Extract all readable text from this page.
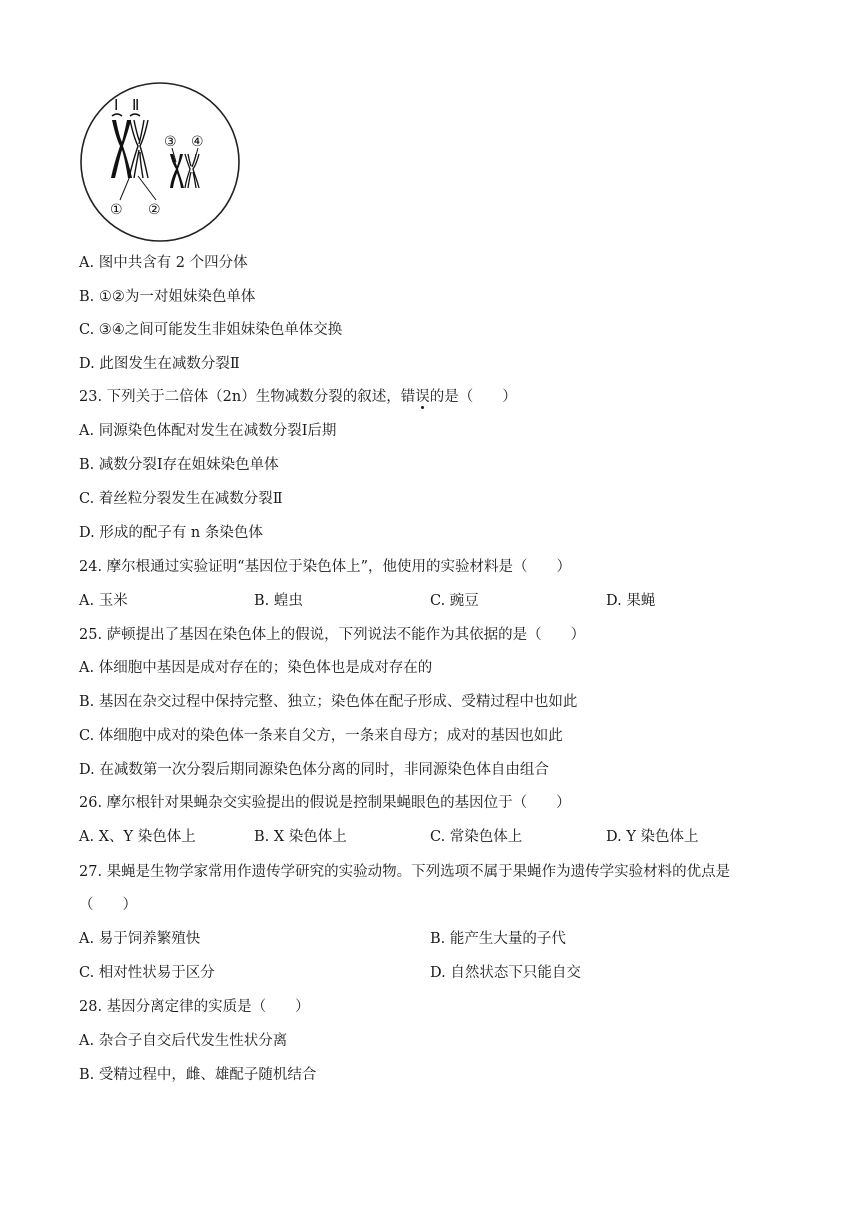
Ⅰ Ⅱ
③ ④
① ②
A. 图中共含有 2 个四分体
B. ①②为一对姐妹染色单体
C. ③④之间可能发生非姐妹染色单体交换
D. 此图发生在减数分裂Ⅱ
23. 下列关于二倍体（2n）生物减数分裂的叙述，错误的是（　　）
A. 同源染色体配对发生在减数分裂Ⅰ后期
B. 减数分裂Ⅰ存在姐妹染色单体
C. 着丝粒分裂发生在减数分裂Ⅱ
D. 形成的配子有 n 条染色体
24. 摩尔根通过实验证明“基因位于染色体上”，他使用的实验材料是（　　）
A. 玉米	B. 蝗虫	C. 豌豆	D. 果蝇
25. 萨顿提出了基因在染色体上的假说，下列说法不能作为其依据的是（　　）
A. 体细胞中基因是成对存在的；染色体也是成对存在的
B. 基因在杂交过程中保持完整、独立；染色体在配子形成、受精过程中也如此
C. 体细胞中成对的染色体一条来自父方，一条来自母方；成对的基因也如此
D. 在减数第一次分裂后期同源染色体分离的同时，非同源染色体自由组合
26. 摩尔根针对果蝇杂交实验提出的假说是控制果蝇眼色的基因位于（　　）
A. X、Y 染色体上	B. X 染色体上	C. 常染色体上	D. Y 染色体上
27. 果蝇是生物学家常用作遗传学研究的实验动物。下列选项不属于果蝇作为遗传学实验材料的优点是
（　　）
A. 易于饲养繁殖快	B. 能产生大量的子代
C. 相对性状易于区分	D. 自然状态下只能自交
28. 基因分离定律的实质是（　　）
A. 杂合子自交后代发生性状分离
B. 受精过程中，雌、雄配子随机结合
